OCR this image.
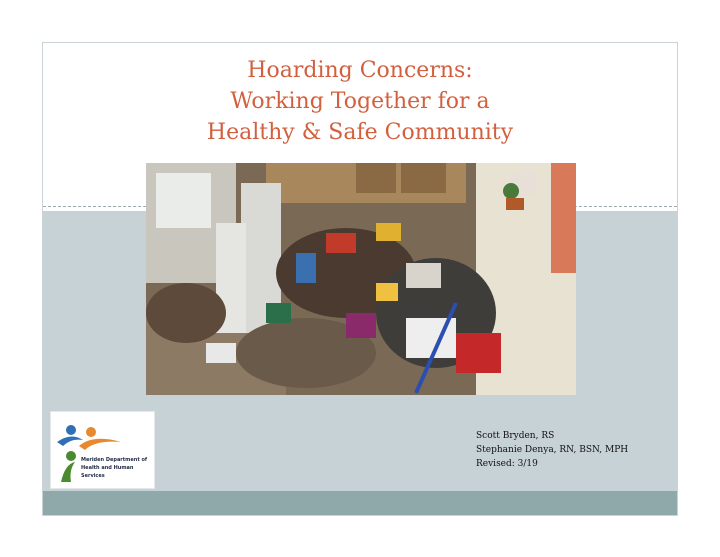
Hoarding Concerns:
Working Together for a
Healthy & Safe Community
Meriden Department of
Health and Human Services
Scott Bryden, RS
Stephanie Denya, RN, BSN, MPH
Revised: 3/19
